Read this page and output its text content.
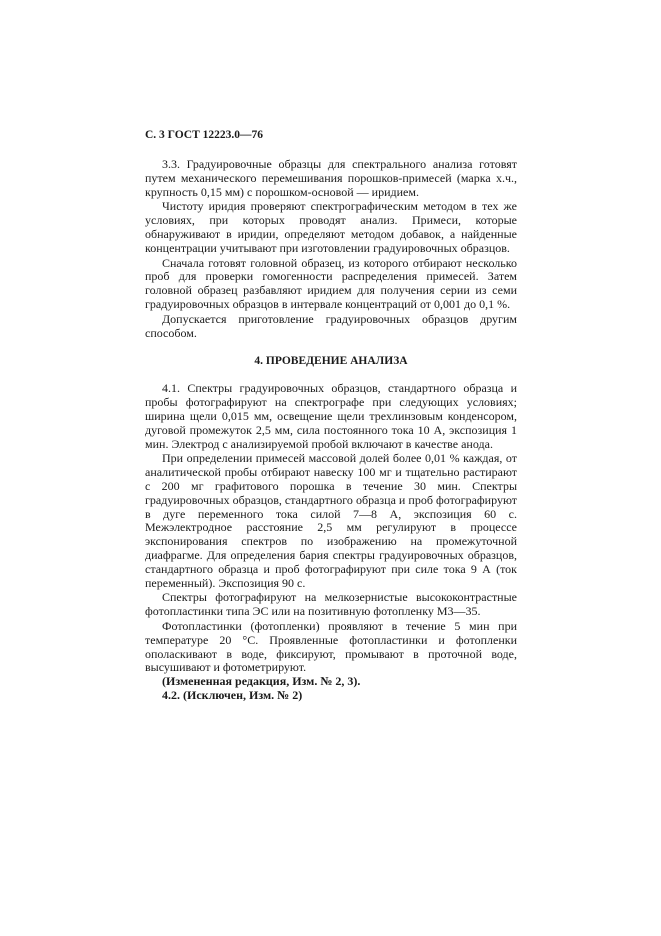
С. 3 ГОСТ 12223.0—76

3.3. Градуировочные образцы для спектрального анализа готовят путем механического перемешивания порошков-примесей (марка х.ч., крупность 0,15 мм) с порошком-основой — иридием.

Чистоту иридия проверяют спектрографическим методом в тех же условиях, при которых проводят анализ. Примеси, которые обнаруживают в иридии, определяют методом добавок, а найденные концентрации учитывают при изготовлении градуировочных образцов.

Сначала готовят головной образец, из которого отбирают несколько проб для проверки гомогенности распределения примесей. Затем головной образец разбавляют иридием для получения серии из семи градуировочных образцов в интервале концентраций от 0,001 до 0,1 %.

Допускается приготовление градуировочных образцов другим способом.

4. ПРОВЕДЕНИЕ АНАЛИЗА

4.1. Спектры градуировочных образцов, стандартного образца и пробы фотографируют на спектрографе при следующих условиях; ширина щели 0,015 мм, освещение щели трехлинзовым конденсором, дуговой промежуток 2,5 мм, сила постоянного тока 10 А, экспозиция 1 мин. Электрод с анализируемой пробой включают в качестве анода.

При определении примесей массовой долей более 0,01 % каждая, от аналитической пробы отбирают навеску 100 мг и тщательно растирают с 200 мг графитового порошка в течение 30 мин. Спектры градуировочных образцов, стандартного образца и проб фотографируют в дуге переменного тока силой 7—8 А, экспозиция 60 с. Межэлектродное расстояние 2,5 мм регулируют в процессе экспонирования спектров по изображению на промежуточной диафрагме. Для определения бария спектры градуировочных образцов, стандартного образца и проб фотографируют при силе тока 9 А (ток переменный). Экспозиция 90 с.

Спектры фотографируют на мелкозернистые высококонтрастные фотопластинки типа ЭС или на позитивную фотопленку М3—35.

Фотопластинки (фотопленки) проявляют в течение 5 мин при температуре 20 °С. Проявленные фотопластинки и фотопленки ополаскивают в воде, фиксируют, промывают в проточной воде, высушивают и фотометрируют.

(Измененная редакция, Изм. № 2, 3).

4.2. (Исключен, Изм. № 2)
